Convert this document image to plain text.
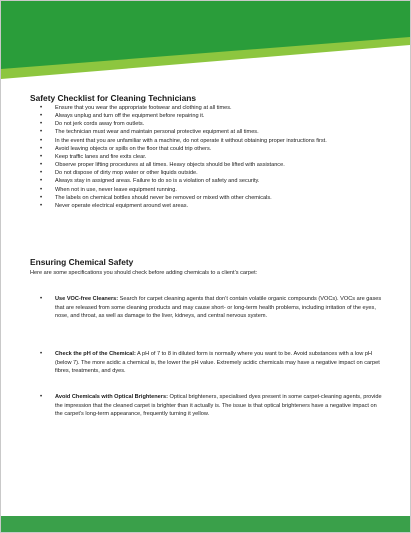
Safety Checklist for Cleaning Technicians
• Ensure that you wear the appropriate footwear and clothing at all times.
• Always unplug and turn off the equipment before repairing it.
• Do not jerk cords away from outlets.
• The technician must wear and maintain personal protective equipment at all times.
• In the event that you are unfamiliar with a machine, do not operate it without obtaining proper instructions first.
• Avoid leaving objects or spills on the floor that could trip others.
• Keep traffic lanes and fire exits clear.
• Observe proper lifting procedures at all times. Heavy objects should be lifted with assistance.
• Do not dispose of dirty mop water or other liquids outside.
• Always stay in assigned areas. Failure to do so is a violation of safety and security.
• When not in use, never leave equipment running.
• The labels on chemical bottles should never be removed or mixed with other chemicals.
• Never operate electrical equipment around wet areas.
Ensuring Chemical Safety
Here are some specifications you should check before adding chemicals to a client’s carpet:
•	Use VOC-free Cleaners: Search for carpet cleaning agents that don’t contain volatile organic compounds (VOCs). VOCs are gases that are released from some cleaning products and may cause short- or long-term health problems, including irritation of the eyes, nose, and throat, as well as damage to the liver, kidneys, and central nervous system.
•	Check the pH of the Chemical: A pH of 7 to 8 in diluted form is normally where you want to be. Avoid substances with a low pH (below 7). The more acidic a chemical is, the lower the pH value. Extremely acidic chemicals may have a negative impact on carpet fibres, treatments, and dyes.
•	Avoid Chemicals with Optical Brighteners: Optical brighteners, specialised dyes present in some carpet-cleaning agents, provide the impression that the cleaned carpet is brighter than it actually is. The issue is that optical brighteners have a negative impact on the carpet’s long-term appearance, frequently turning it yellow.
